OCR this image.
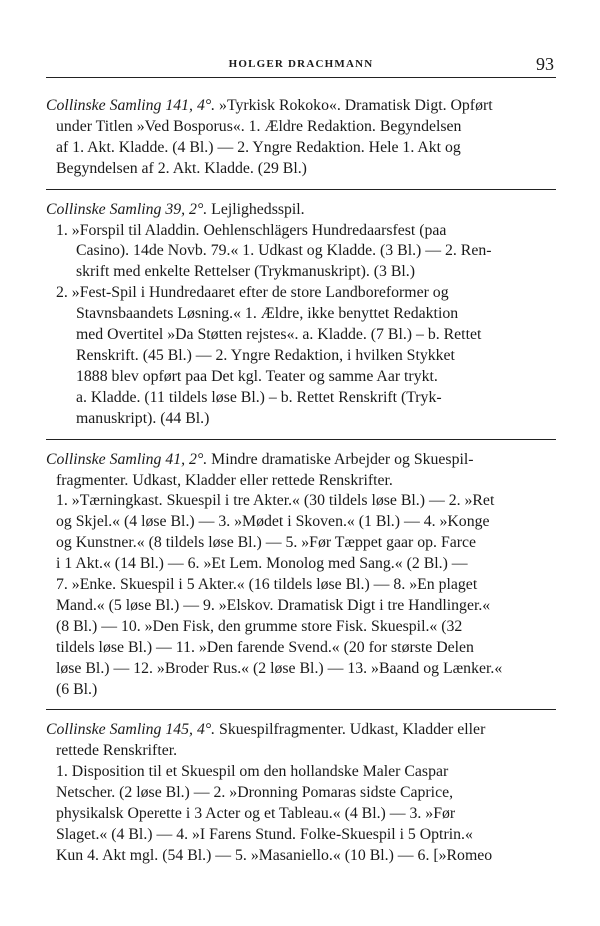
HOLGER DRACHMANN	93
Collinske Samling 141, 4°. »Tyrkisk Rokoko«. Dramatisk Digt. Opført
under Titlen »Ved Bosporus«. 1. Ældre Redaktion. Begyndelsen
af 1. Akt. Kladde. (4 Bl.) — 2. Yngre Redaktion. Hele 1. Akt og
Begyndelsen af 2. Akt. Kladde. (29 Bl.)
Collinske Samling 39, 2°. Lejlighedsspil.
1. »Forspil til Aladdin. Oehlenschlägers Hundredaarsfest (paa
Casino). 14de Novb. 79.« 1. Udkast og Kladde. (3 Bl.) — 2. Ren-
skrift med enkelte Rettelser (Trykmanuskript). (3 Bl.)
2. »Fest-Spil i Hundredaaret efter de store Landboreformer og
Stavnsbaandets Løsning.« 1. Ældre, ikke benyttet Redaktion
med Overtitel »Da Støtten rejstes«. a. Kladde. (7 Bl.) – b. Rettet
Renskrift. (45 Bl.) — 2. Yngre Redaktion, i hvilken Stykket
1888 blev opført paa Det kgl. Teater og samme Aar trykt.
a. Kladde. (11 tildels løse Bl.) – b. Rettet Renskrift (Tryk-
manuskript). (44 Bl.)
Collinske Samling 41, 2°. Mindre dramatiske Arbejder og Skuespil-
fragmenter. Udkast, Kladder eller rettede Renskrifter.
1. »Tærningkast. Skuespil i tre Akter.« (30 tildels løse Bl.) — 2. »Ret
og Skjel.« (4 løse Bl.) — 3. »Mødet i Skoven.« (1 Bl.) — 4. »Konge
og Kunstner.« (8 tildels løse Bl.) — 5. »Før Tæppet gaar op. Farce
i 1 Akt.« (14 Bl.) — 6. »Et Lem. Monolog med Sang.« (2 Bl.) —
7. »Enke. Skuespil i 5 Akter.« (16 tildels løse Bl.) — 8. »En plaget
Mand.« (5 løse Bl.) — 9. »Elskov. Dramatisk Digt i tre Handlinger.«
(8 Bl.) — 10. »Den Fisk, den grumme store Fisk. Skuespil.« (32
tildels løse Bl.) — 11. »Den farende Svend.« (20 for største Delen
løse Bl.) — 12. »Broder Rus.« (2 løse Bl.) — 13. »Baand og Lænker.«
(6 Bl.)
Collinske Samling 145, 4°. Skuespilfragmenter. Udkast, Kladder eller
rettede Renskrifter.
1. Disposition til et Skuespil om den hollandske Maler Caspar
Netscher. (2 løse Bl.) — 2. »Dronning Pomaras sidste Caprice,
physikalsk Operette i 3 Acter og et Tableau.« (4 Bl.) — 3. »Før
Slaget.« (4 Bl.) — 4. »I Farens Stund. Folke-Skuespil i 5 Optrin.«
Kun 4. Akt mgl. (54 Bl.) — 5. »Masaniello.« (10 Bl.) — 6. [»Romeo
